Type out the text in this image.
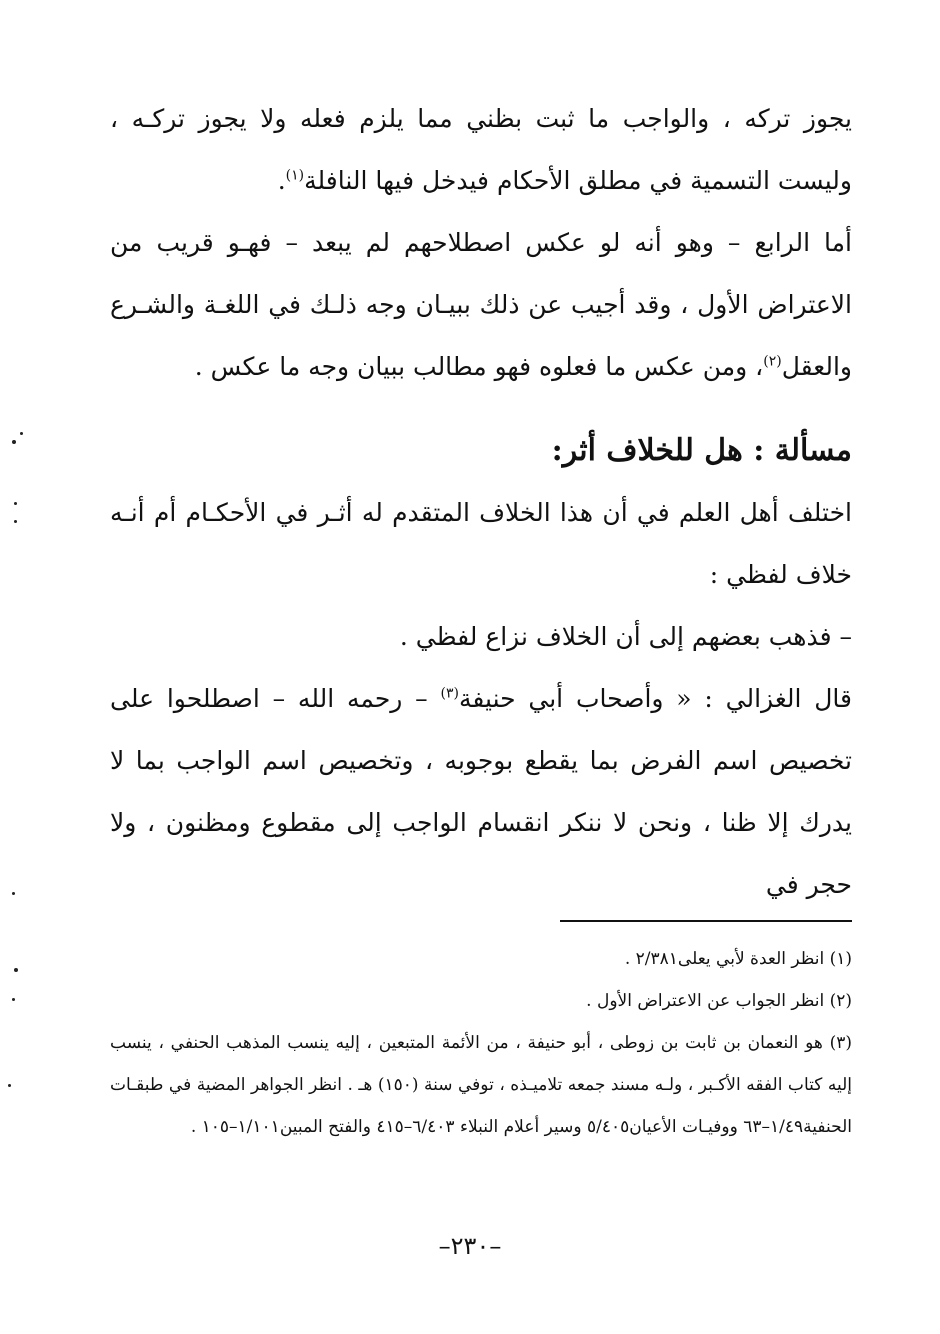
يجوز تركه ، والواجب ما ثبت بظني مما يلزم فعله ولا يجوز تركـه ، وليست التسمية في مطلق الأحكام فيدخل فيها النافلة$^{(١)}$.

أما الرابع – وهو أنه لو عكس اصطلاحهم لم يبعد – فهـو قريب من الاعتراض الأول ، وقد أجيب عن ذلك ببيـان وجه ذلـك في اللغـة والشـرع والعقل$^{(٢)}$، ومن عكس ما فعلوه فهو مطالب ببيان وجه ما عكس .

مسألة : هل للخلاف أثر:

اختلف أهل العلم في أن هذا الخلاف المتقدم له أثـر في الأحكـام أم أنـه خلاف لفظي :

– فذهب بعضهم إلى أن الخلاف نزاع لفظي .

قال الغزالي : « وأصحاب أبي حنيفة$^{(٣)}$ – رحمه الله – اصطلحوا على تخصيص اسم الفرض بما يقطع بوجوبه ، وتخصيص اسم الواجب بما لا يدرك إلا ظنا ، ونحن لا ننكر انقسام الواجب إلى مقطوع ومظنون ، ولا حجر في

(١) انظر العدة لأبي يعلى٢/٣٨١ .

(٢) انظر الجواب عن الاعتراض الأول .

(٣) هو النعمان بن ثابت بن زوطى ، أبو حنيفة ، من الأئمة المتبعين ، إليه ينسب المذهب الحنفي ، ينسب إليه كتاب الفقه الأكـبر ، ولـه مسند جمعه تلاميـذه ، توفي سنة (١٥٠) هـ . انظر الجواهر المضية في طبقـات الحنفية١/٤٩–٦٣ ووفيـات الأعيان٥/٤٠٥ وسير أعلام النبلاء ٦/٤٠٣–٤١٥ والفتح المبين١/١٠١–١٠٥ .

–٢٣٠–
